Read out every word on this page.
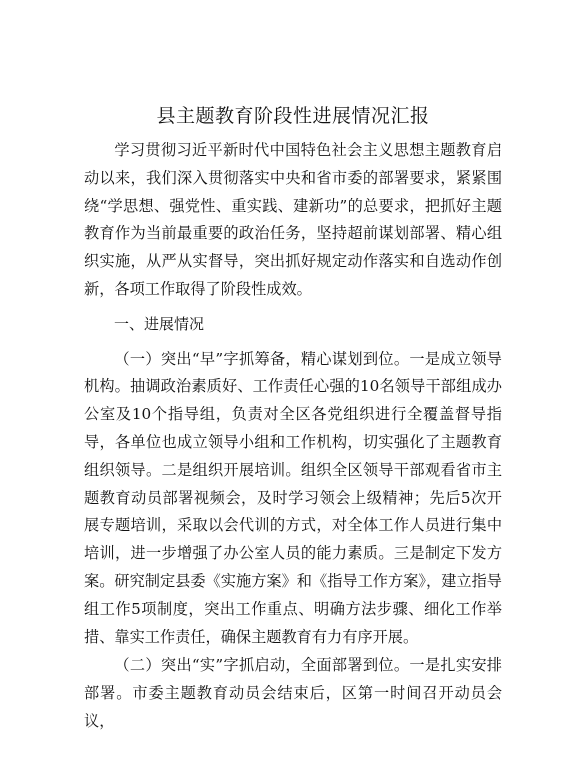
县主题教育阶段性进展情况汇报

学习贯彻习近平新时代中国特色社会主义思想主题教育启动以来，我们深入贯彻落实中央和省市委的部署要求，紧紧围绕“学思想、强党性、重实践、建新功”的总要求，把抓好主题教育作为当前最重要的政治任务，坚持超前谋划部署、精心组织实施，从严从实督导，突出抓好规定动作落实和自选动作创新，各项工作取得了阶段性成效。

一、进展情况

（一）突出“早”字抓筹备，精心谋划到位。一是成立领导机构。抽调政治素质好、工作责任心强的10名领导干部组成办公室及10个指导组，负责对全区各党组织进行全覆盖督导指导，各单位也成立领导小组和工作机构，切实强化了主题教育组织领导。二是组织开展培训。组织全区领导干部观看省市主题教育动员部署视频会，及时学习领会上级精神；先后5次开展专题培训，采取以会代训的方式，对全体工作人员进行集中培训，进一步增强了办公室人员的能力素质。三是制定下发方案。研究制定县委《实施方案》和《指导工作方案》，建立指导组工作5项制度，突出工作重点、明确方法步骤、细化工作举措、靠实工作责任，确保主题教育有力有序开展。

（二）突出“实”字抓启动，全面部署到位。一是扎实安排部署。市委主题教育动员会结束后，区第一时间召开动员会议，
